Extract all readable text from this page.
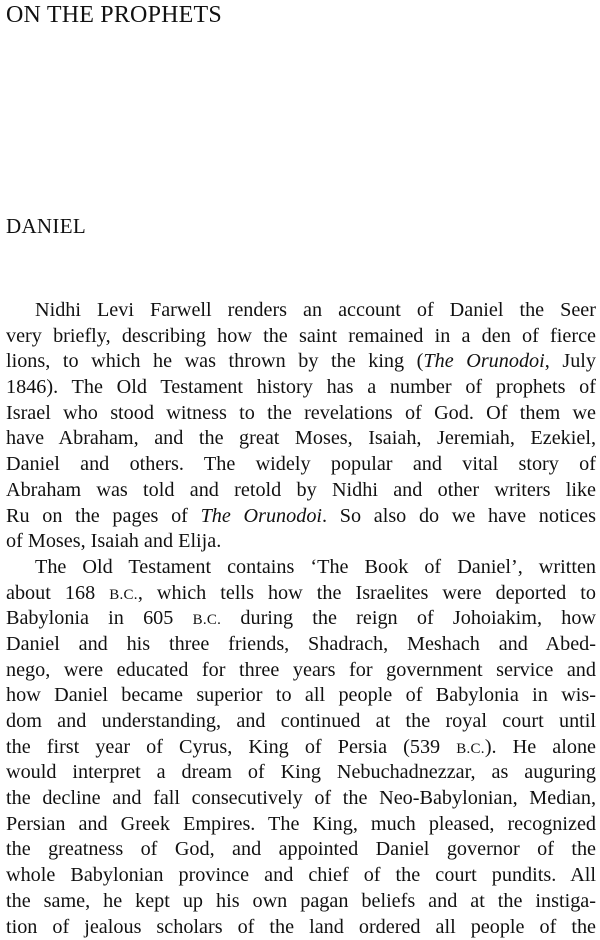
ON THE PROPHETS
DANIEL
Nidhi Levi Farwell renders an account of Daniel the Seer
very briefly, describing how the saint remained in a den of fierce
lions, to which he was thrown by the king (The Orunodoi, July
1846). The Old Testament history has a number of prophets of
Israel who stood witness to the revelations of God. Of them we
have Abraham, and the great Moses, Isaiah, Jeremiah, Ezekiel,
Daniel and others. The widely popular and vital story of
Abraham was told and retold by Nidhi and other writers like
Ru on the pages of The Orunodoi. So also do we have notices
of Moses, Isaiah and Elija.
The Old Testament contains ‘The Book of Daniel’, written
about 168 B.C., which tells how the Israelites were deported to
Babylonia in 605 B.C. during the reign of Johoiakim, how
Daniel and his three friends, Shadrach, Meshach and Abed-
nego, were educated for three years for government service and
how Daniel became superior to all people of Babylonia in wis-
dom and understanding, and continued at the royal court until
the first year of Cyrus, King of Persia (539 B.C.). He alone
would interpret a dream of King Nebuchadnezzar, as auguring
the decline and fall consecutively of the Neo-Babylonian, Median,
Persian and Greek Empires. The King, much pleased, recognized
the greatness of God, and appointed Daniel governor of the
whole Babylonian province and chief of the court pundits. All
the same, he kept up his own pagan beliefs and at the instiga-
tion of jealous scholars of the land ordered all people of the
